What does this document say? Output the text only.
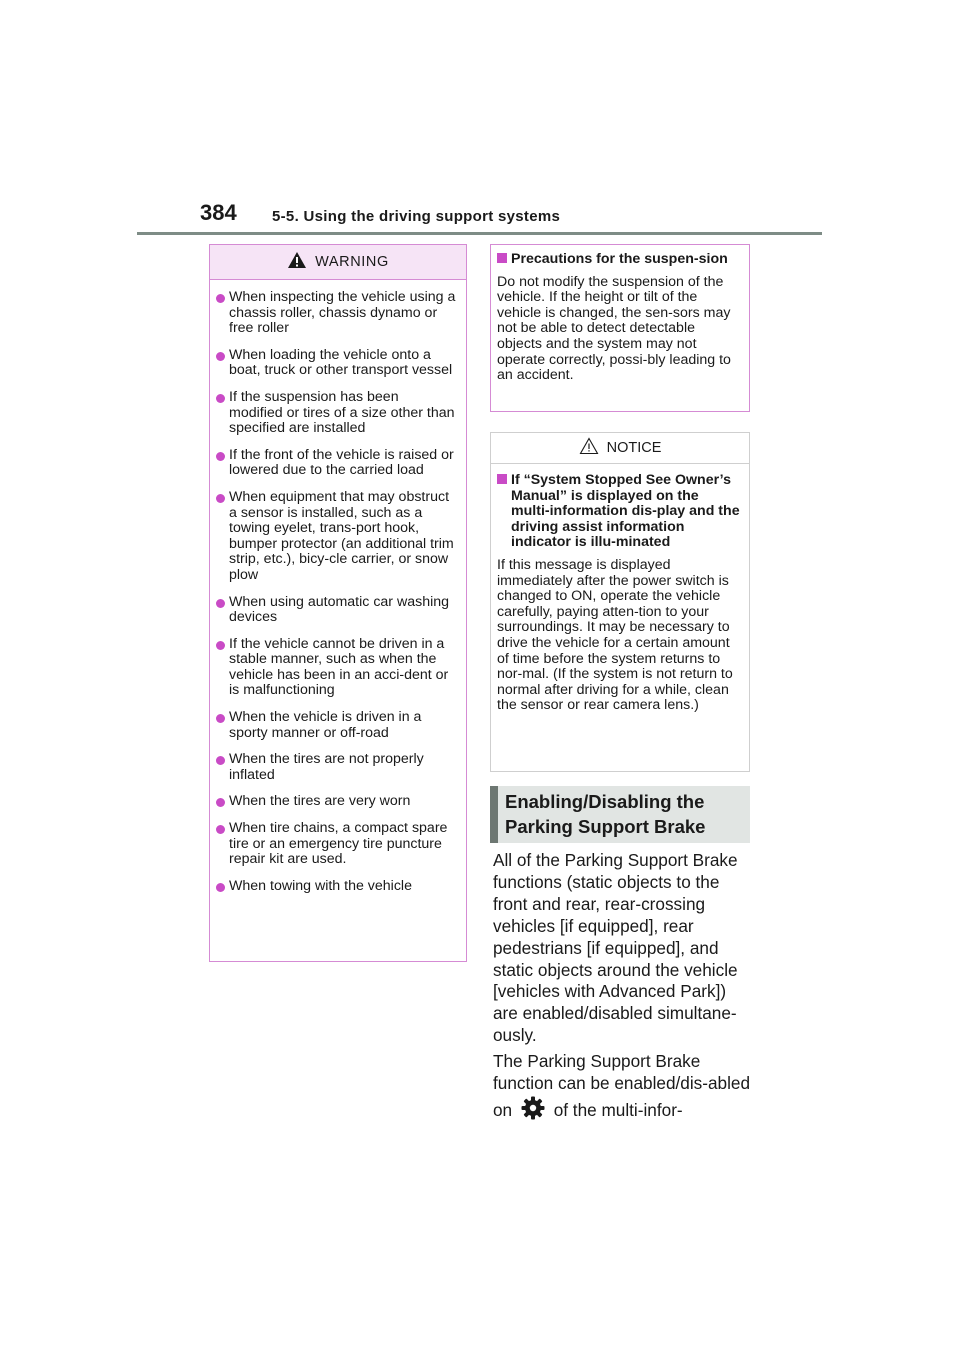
384 5-5. Using the driving support systems
WARNING
When inspecting the vehicle using a chassis roller, chassis dynamo or free roller
When loading the vehicle onto a boat, truck or other transport vessel
If the suspension has been modified or tires of a size other than specified are installed
If the front of the vehicle is raised or lowered due to the carried load
When equipment that may obstruct a sensor is installed, such as a towing eyelet, trans-port hook, bumper protector (an additional trim strip, etc.), bicy-cle carrier, or snow plow
When using automatic car washing devices
If the vehicle cannot be driven in a stable manner, such as when the vehicle has been in an acci-dent or is malfunctioning
When the vehicle is driven in a sporty manner or off-road
When the tires are not properly inflated
When the tires are very worn
When tire chains, a compact spare tire or an emergency tire puncture repair kit are used.
When towing with the vehicle
Precautions for the suspen-sion
Do not modify the suspension of the vehicle. If the height or tilt of the vehicle is changed, the sen-sors may not be able to detect detectable objects and the system may not operate correctly, possi-bly leading to an accident.
NOTICE
If “System Stopped See Owner’s Manual” is displayed on the multi-information dis-play and the driving assist information indicator is illu-minated
If this message is displayed immediately after the power switch is changed to ON, operate the vehicle carefully, paying atten-tion to your surroundings. It may be necessary to drive the vehicle for a certain amount of time before the system returns to nor-mal. (If the system is not return to normal after driving for a while, clean the sensor or rear camera lens.)
Enabling/Disabling the Parking Support Brake
All of the Parking Support Brake functions (static objects to the front and rear, rear-crossing vehicles [if equipped], rear pedestrians [if equipped], and static objects around the vehicle [vehicles with Advanced Park]) are enabled/disabled simultane-ously.
The Parking Support Brake function can be enabled/dis-abled on of the multi-infor-
